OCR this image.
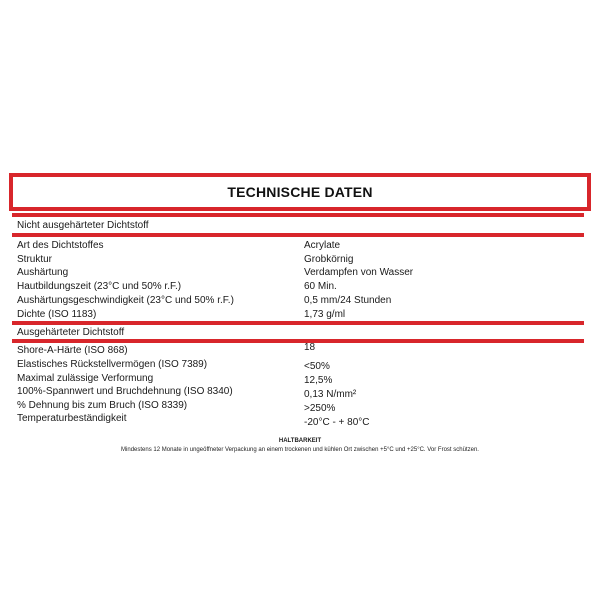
TECHNISCHE DATEN
Nicht ausgehärteter Dichtstoff
Art des Dichtstoffes	Acrylate
Struktur	Grobkörnig
Aushärtung	Verdampfen von Wasser
Hautbildungszeit (23°C und 50% r.F.)	60 Min.
Aushärtungsgeschwindigkeit (23°C und 50% r.F.)	0,5 mm/24 Stunden
Dichte (ISO 1183)	1,73 g/ml
Ausgehärteter Dichtstoff
Shore-A-Härte (ISO 868)	18
Elastisches Rückstellvermögen (ISO 7389)	<50%
Maximal zulässige Verformung	12,5%
100%-Spannwert und Bruchdehnung (ISO 8340)	0,13 N/mm²
% Dehnung bis zum Bruch (ISO 8339)	>250%
Temperaturbeständigkeit	-20°C - + 80°C
HALTBARKEIT
Mindestens 12 Monate in ungeöffneter Verpackung an einem trockenen und kühlen Ort zwischen +5°C und +25°C. Vor Frost schützen.
